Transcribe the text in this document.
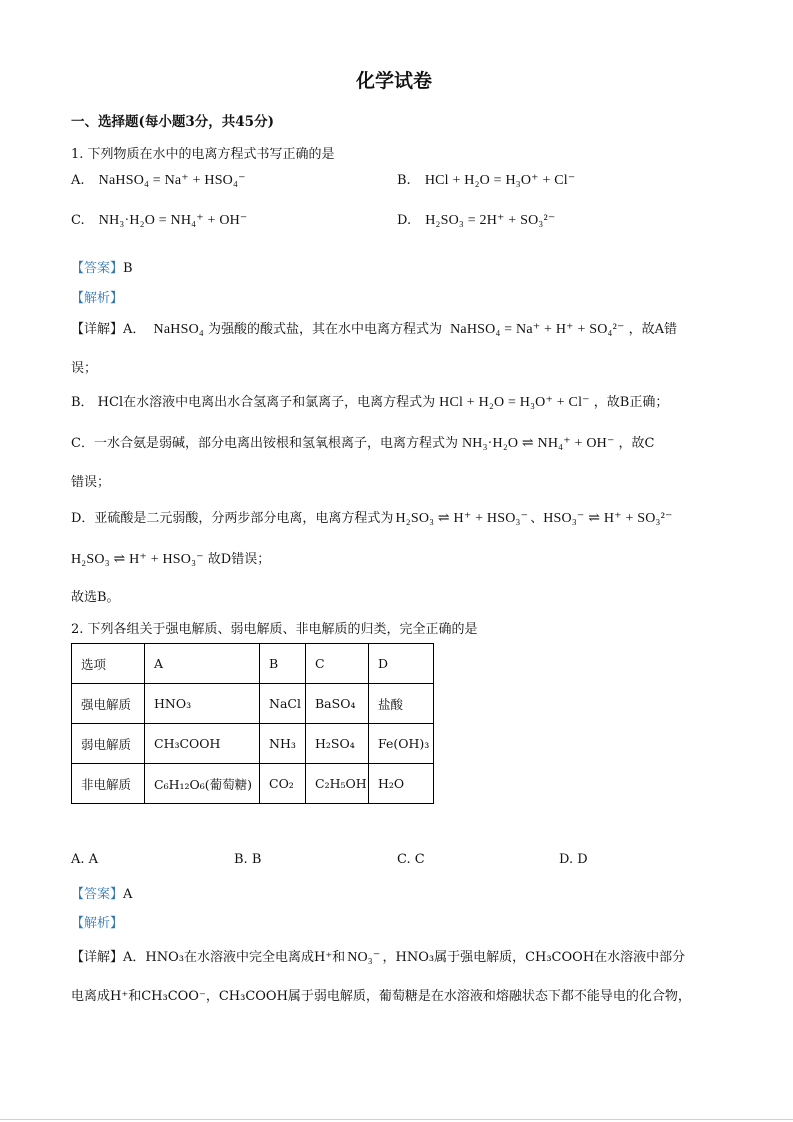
化学试卷
一、选择题(每小题3分，共45分)
1. 下列物质在水中的电离方程式书写正确的是
A. NaHSO₄ = Na⁺ + HSO₄⁻	B. HCl + H₂O = H₃O⁺ + Cl⁻
C. NH₃·H₂O = NH₄⁺ + OH⁻	D. H₂SO₃ = 2H⁺ + SO₃²⁻
【答案】B
【解析】
【详解】A． NaHSO₄ 为强酸的酸式盐，其在水中电离方程式为 NaHSO₄ = Na⁺ + H⁺ + SO₄²⁻ ，故A错
误；
B． HCl在水溶液中电离出水合氢离子和氯离子，电离方程式为 HCl + H₂O = H₃O⁺ + Cl⁻ ，故B正确；
C．一水合氨是弱碱，部分电离出铵根和氢氧根离子，电离方程式为 NH₃·H₂O ⇌ NH₄⁺ + OH⁻ ，故C
错误；
D．亚硫酸是二元弱酸，分两步部分电离，电离方程式为 H₂SO₃ ⇌ H⁺ + HSO₃⁻ 、HSO₃⁻ ⇌ H⁺ + SO₃²⁻
H₂SO₃ ⇌ H⁺ + HSO₃⁻ 故D错误；
故选B。
2. 下列各组关于强电解质、弱电解质、非电解质的归类，完全正确的是
选项	A	B	C	D
强电解质	HNO₃	NaCl	BaSO₄	盐酸
弱电解质	CH₃COOH	NH₃	H₂SO₄	Fe(OH)₃
非电解质	C₆H₁₂O₆(葡萄糖)	CO₂	C₂H₅OH	H₂O
A. A	B. B	C. C	D. D
【答案】A
【解析】
【详解】A．HNO₃在水溶液中完全电离成H⁺和 NO₃⁻ ，HNO₃属于强电解质，CH₃COOH在水溶液中部分
电离成H⁺和CH₃COO⁻，CH₃COOH属于弱电解质，葡萄糖是在水溶液和熔融状态下都不能导电的化合物，
